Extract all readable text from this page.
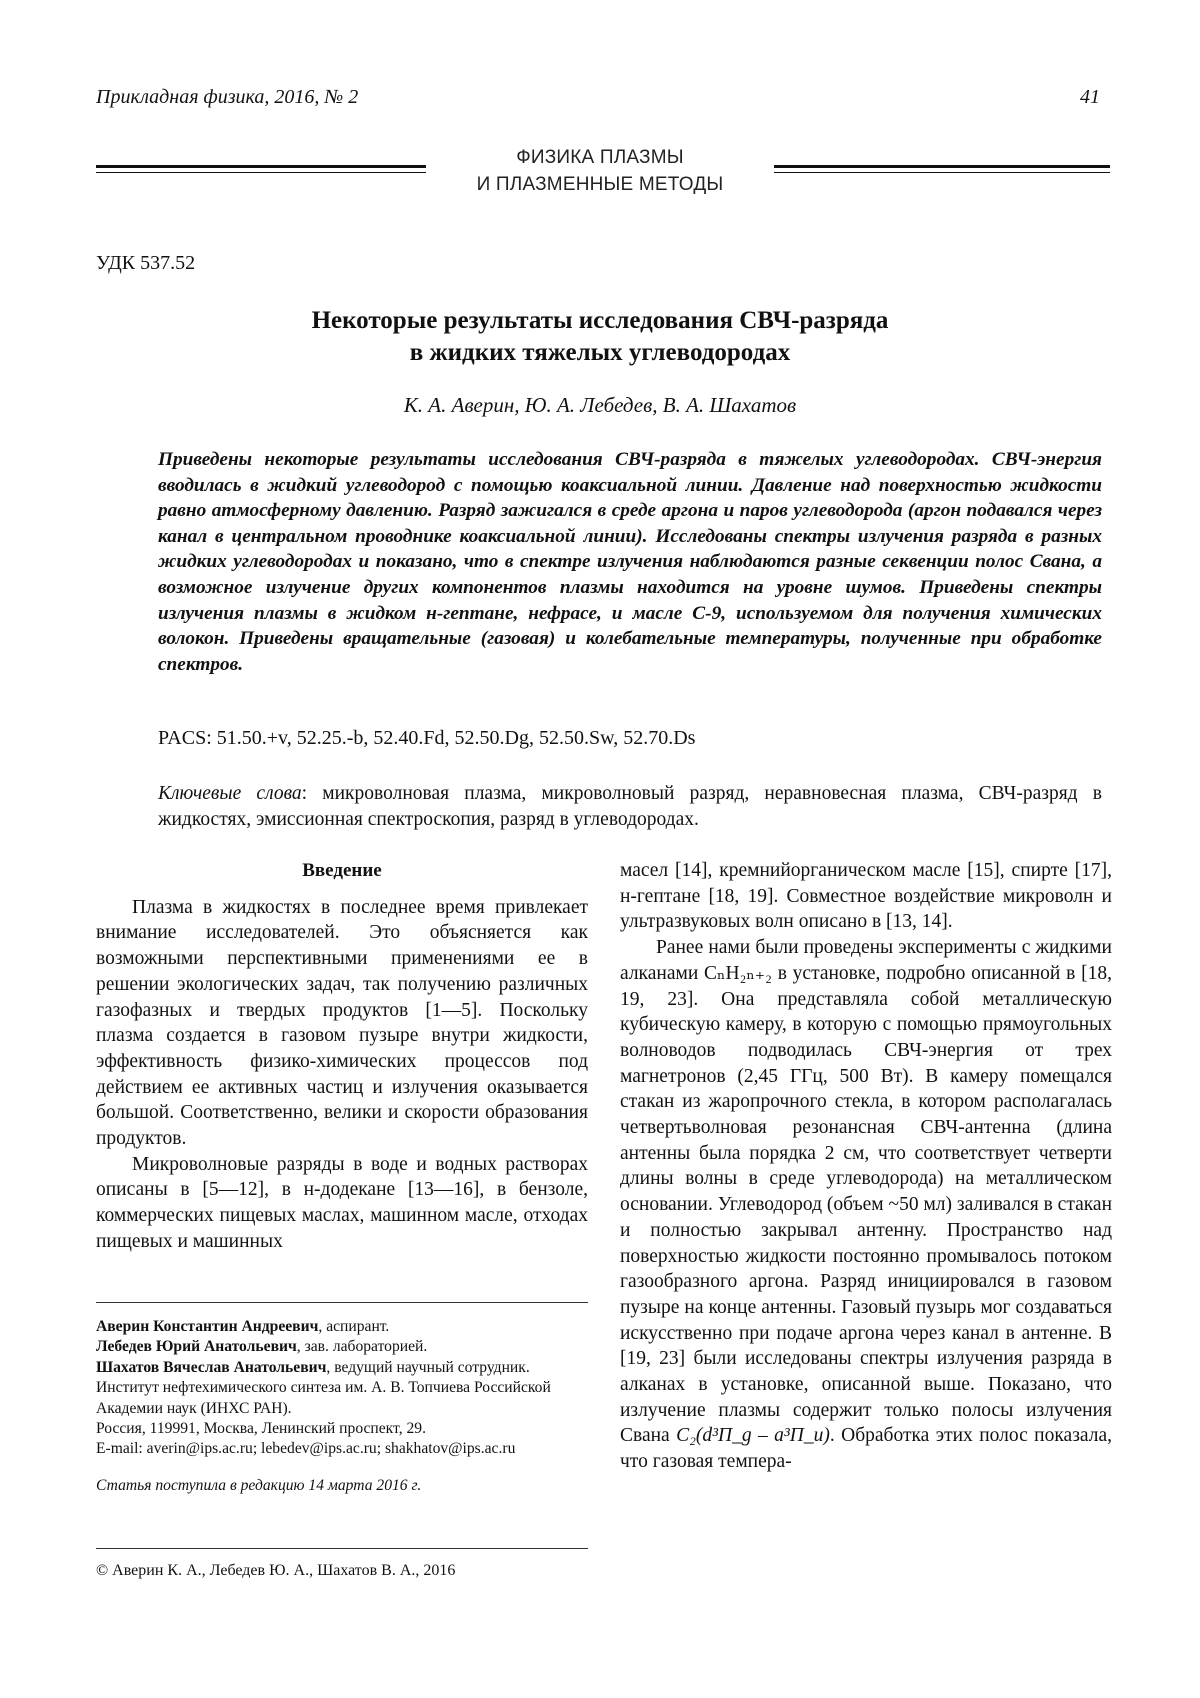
Прикладная физика, 2016, № 2	41
ФИЗИКА ПЛАЗМЫ
И ПЛАЗМЕННЫЕ МЕТОДЫ
УДК 537.52
Некоторые результаты исследования СВЧ-разряда
в жидких тяжелых углеводородах
К. А. Аверин, Ю. А. Лебедев, В. А. Шахатов
Приведены некоторые результаты исследования СВЧ-разряда в тяжелых углеводородах. СВЧ-энергия вводилась в жидкий углеводород с помощью коаксиальной линии. Давление над поверхностью жидкости равно атмосферному давлению. Разряд зажигался в среде аргона и паров углеводорода (аргон подавался через канал в центральном проводнике коаксиальной линии). Исследованы спектры излучения разряда в разных жидких углеводородах и показано, что в спектре излучения наблюдаются разные секвенции полос Свана, а возможное излучение других компонентов плазмы находится на уровне шумов. Приведены спектры излучения плазмы в жидком н-гептане, нефрасе, и масле С-9, используемом для получения химических волокон. Приведены вращательные (газовая) и колебательные температуры, полученные при обработке спектров.
PACS: 51.50.+v, 52.25.-b, 52.40.Fd, 52.50.Dg, 52.50.Sw, 52.70.Ds
Ключевые слова: микроволновая плазма, микроволновый разряд, неравновесная плазма, СВЧ-разряд в жидкостях, эмиссионная спектроскопия, разряд в углеводородах.
Введение

Плазма в жидкостях в последнее время привлекает внимание исследователей. Это объясняется как возможными перспективными применениями ее в решении экологических задач, так получению различных газофазных и твердых продуктов [1—5]. Поскольку плазма создается в газовом пузыре внутри жидкости, эффективность физико-химических процессов под действием ее активных частиц и излучения оказывается большой. Соответственно, велики и скорости образования продуктов.

Микроволновые разряды в воде и водных растворах описаны в [5—12], в н-додекане [13—16], в бензоле, коммерческих пищевых маслах, машинном масле, отходах пищевых и машинных

Аверин Константин Андреевич, аспирант.
Лебедев Юрий Анатольевич, зав. лабораторией.
Шахатов Вячеслав Анатольевич, ведущий научный сотрудник.
Институт нефтехимического синтеза им. А. В. Топчиева Российской Академии наук (ИНХС РАН).
Россия, 119991, Москва, Ленинский проспект, 29.
E-mail: averin@ips.ac.ru; lebedev@ips.ac.ru; shakhatov@ips.ac.ru
Статья поступила в редакцию 14 марта 2016 г.
© Аверин К. А., Лебедев Ю. А., Шахатов В. А., 2016

масел [14], кремнийорганическом масле [15], спирте [17], н-гептане [18, 19]. Совместное воздействие микроволн и ультразвуковых волн описано в [13, 14].

Ранее нами были проведены эксперименты с жидкими алканами CₙH₂ₙ₊₂ в установке, подробно описанной в [18, 19, 23]. Она представляла собой металлическую кубическую камеру, в которую с помощью прямоугольных волноводов подводилась СВЧ-энергия от трех магнетронов (2,45 ГГц, 500 Вт). В камеру помещался стакан из жаропрочного стекла, в котором располагалась четвертьволновая резонансная СВЧ-антенна (длина антенны была порядка 2 см, что соответствует четверти длины волны в среде углеводорода) на металлическом основании. Углеводород (объем ~50 мл) заливался в стакан и полностью закрывал антенну. Пространство над поверхностью жидкости постоянно промывалось потоком газообразного аргона. Разряд инициировался в газовом пузыре на конце антенны. Газовый пузырь мог создаваться искусственно при подаче аргона через канал в антенне. В [19, 23] были исследованы спектры излучения разряда в алканах в установке, описанной выше. Показано, что излучение плазмы содержит только полосы излучения Свана C₂(d³Π_g – a³Π_u). Обработка этих полос показала, что газовая темпера-
